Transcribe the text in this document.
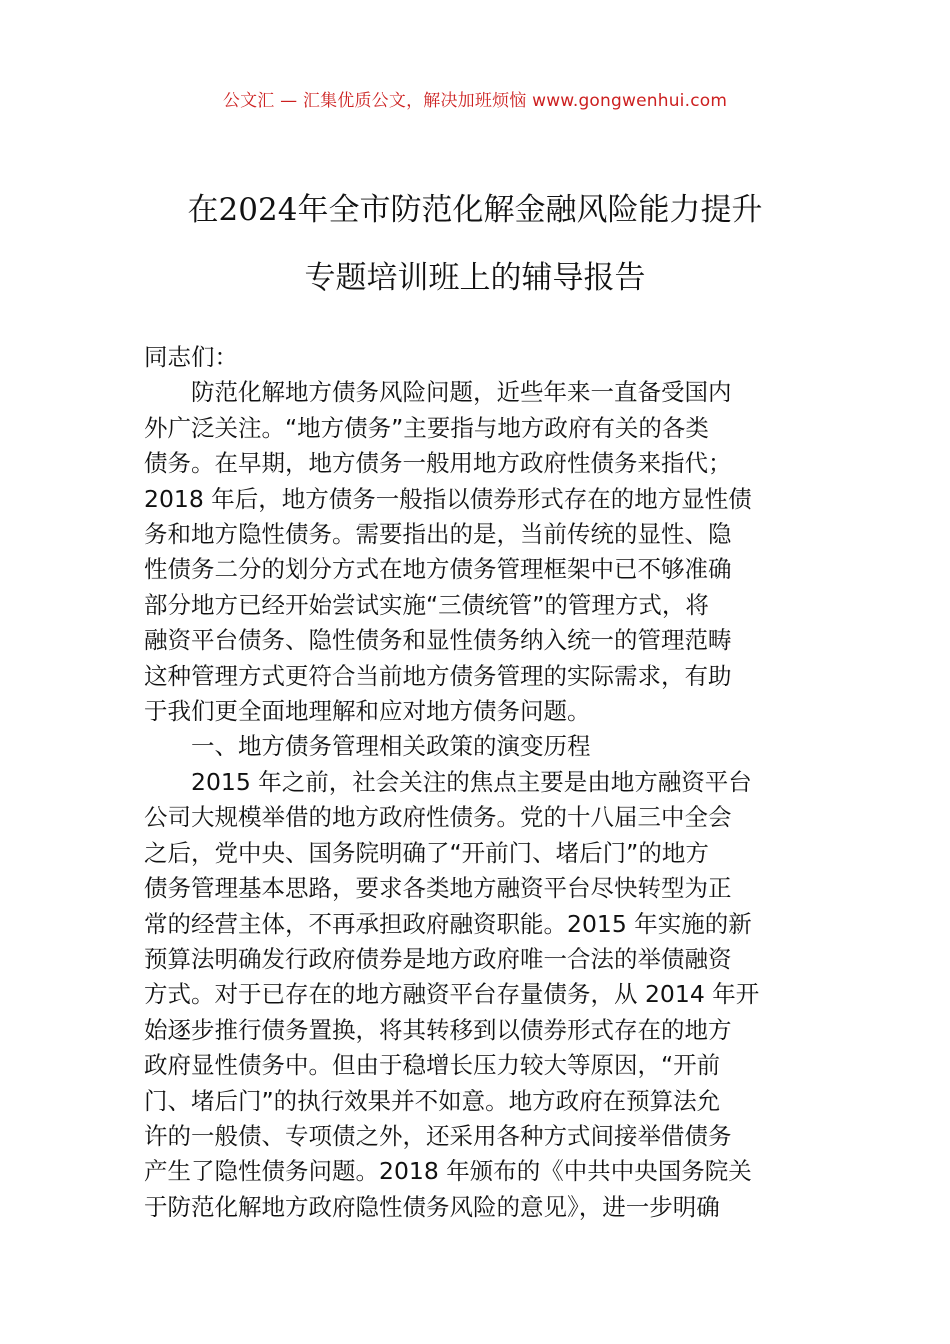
公文汇 — 汇集优质公文，解决加班烦恼 www.gongwenhui.com
在2024年全市防范化解金融风险能力提升
专题培训班上的辅导报告

同志们：

防范化解地方债务风险问题，近些年来一直备受国内

外广泛关注。“地方债务”主要指与地方政府有关的各类

债务。在早期，地方债务一般用地方政府性债务来指代；

2018 年后，地方债务一般指以债券形式存在的地方显性债

务和地方隐性债务。需要指出的是，当前传统的显性、隐

性债务二分的划分方式在地方债务管理框架中已不够准确

部分地方已经开始尝试实施“三债统管”的管理方式，将

融资平台债务、隐性债务和显性债务纳入统一的管理范畴

这种管理方式更符合当前地方债务管理的实际需求，有助

于我们更全面地理解和应对地方债务问题。

一、地方债务管理相关政策的演变历程

2015 年之前，社会关注的焦点主要是由地方融资平台

公司大规模举借的地方政府性债务。党的十八届三中全会

之后，党中央、国务院明确了“开前门、堵后门”的地方

债务管理基本思路，要求各类地方融资平台尽快转型为正

常的经营主体，不再承担政府融资职能。2015 年实施的新

预算法明确发行政府债券是地方政府唯一合法的举债融资

方式。对于已存在的地方融资平台存量债务，从 2014 年开

始逐步推行债务置换，将其转移到以债券形式存在的地方

政府显性债务中。但由于稳增长压力较大等原因，“开前

门、堵后门”的执行效果并不如意。地方政府在预算法允

许的一般债、专项债之外，还采用各种方式间接举借债务

产生了隐性债务问题。2018 年颁布的《中共中央国务院关

于防范化解地方政府隐性债务风险的意见》，进一步明确
